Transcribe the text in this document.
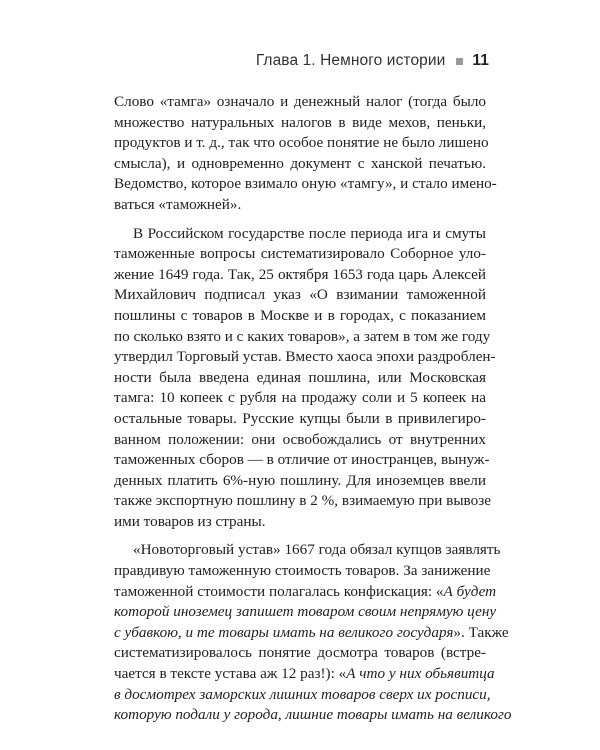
Глава 1. Немного истории 11
Слово «тамга» означало и денежный налог (тогда было
множество натуральных налогов в виде мехов, пеньки,
продуктов и т. д., так что особое понятие не было лишено
смысла), и одновременно документ с ханской печатью.
Ведомство, которое взимало оную «тамгу», и стало имено-
ваться «таможней».
В Российском государстве после периода ига и смуты
таможенные вопросы систематизировало Соборное уло-
жение 1649 года. Так, 25 октября 1653 года царь Алексей
Михайлович подписал указ «О взимании таможенной
пошлины с товаров в Москве и в городах, с показанием
по сколько взято и с каких товаров», а затем в том же году
утвердил Торговый устав. Вместо хаоса эпохи раздроблен-
ности была введена единая пошлина, или Московская
тамга: 10 копеек с рубля на продажу соли и 5 копеек на
остальные товары. Русские купцы были в привилегиро-
ванном положении: они освобождались от внутренних
таможенных сборов — в отличие от иностранцев, вынуж-
денных платить 6%-ную пошлину. Для иноземцев ввели
также экспортную пошлину в 2 %, взимаемую при вывозе
ими товаров из страны.
«Новоторговый устав» 1667 года обязал купцов заявлять
правдивую таможенную стоимость товаров. За занижение
таможенной стоимости полагалась конфискация: «А будет
которой иноземец запишет товаром своим непрямую цену
с убавкою, и те товары имать на великого государя». Также
систематизировалось понятие досмотра товаров (встре-
чается в тексте устава аж 12 раз!): «А что у них обьявитца
в досмотрех заморских лишних товаров сверх их росписи,
которую подали у города, лишние товары имать на великого
